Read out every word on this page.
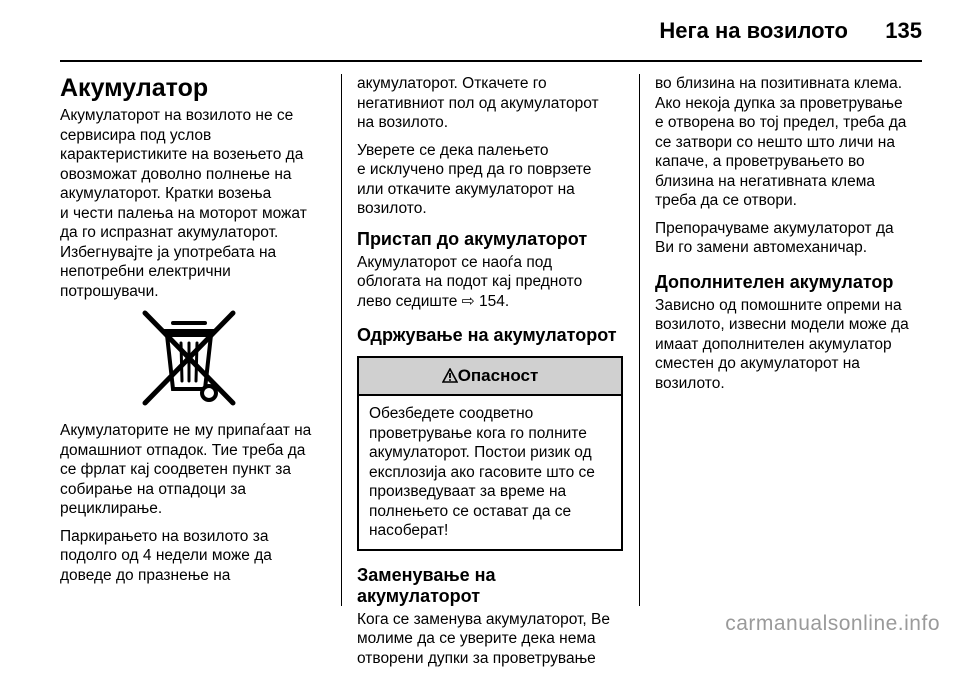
Нега на возилото 135
Акумулатор

Акумулаторот на возилото не се
сервисира под услов
карактеристиките на возењето да
овозможат доволно полнење на
акумулаторот. Кратки возења
и чести палења на моторот можат
да го испразнат акумулаторот.
Избегнувајте ја употребата на
непотребни електрични
потрошувачи.

Акумулаторите не му припаѓаат на
домашниот отпадок. Тие треба да
се фрлат кај соодветен пункт за
собирање на отпадоци за
рециклирање.

Паркирањето на возилото за
подолго од 4 недели може да
доведе до празнење на

акумулаторот. Откачете го
негативниот пол од акумулаторот
на возилото.

Уверете се дека палењето
е исклучено пред да го поврзете
или откачите акумулаторот на
возилото.

Пристап до акумулаторот

Акумулаторот се наоѓа под
облогата на подот кај предното
лево седиште ⇨ 154.

Одржување на акумулаторот
Опасност
Обезбедете соодветно
проветрување кога го полните
акумулаторот. Постои ризик од
експлозија ако гасовите што се
произведуваат за време на
полнењето се остават да се
насоберат!
Заменување на акумулаторот

Кога се заменува акумулаторот, Ве
молиме да се уверите дека нема
отворени дупки за проветрување

во близина на позитивната клема.
Ако некоја дупка за проветрување
е отворена во тој предел, треба да
се затвори со нешто што личи на
капаче, а проветрувањето во
близина на негативната клема
треба да се отвори.

Препорачуваме акумулаторот да
Ви го замени автомеханичар.

Дополнителен акумулатор

Зависно од помошните опреми на
возилото, извесни модели може да
имаат дополнителен акумулатор
сместен до акумулаторот на
возилото.

carmanualsonline.info
